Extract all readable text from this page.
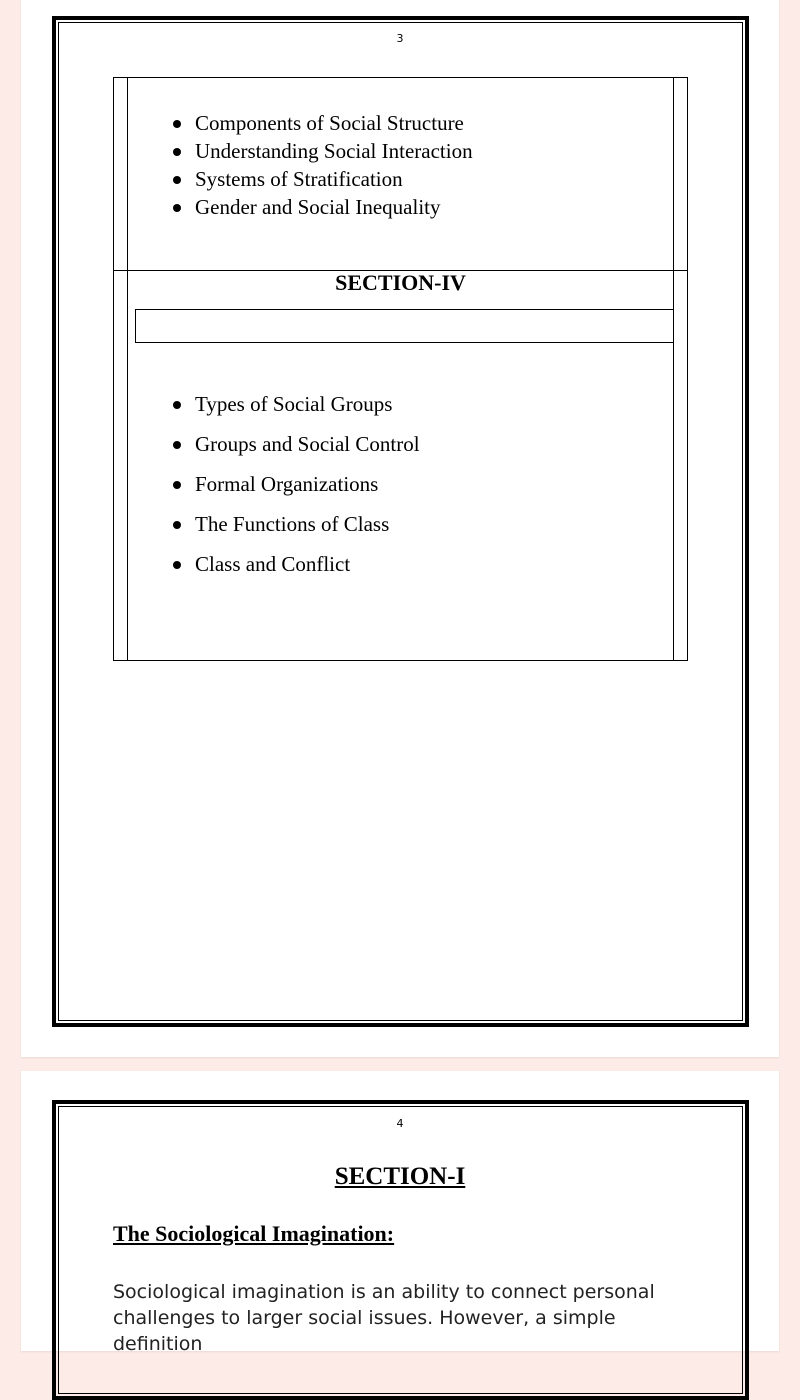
3
Components of Social Structure
Understanding Social Interaction
Systems of Stratification
Gender and Social Inequality
SECTION-IV
Types of Social Groups
Groups and Social Control
Formal Organizations
The Functions of Class
Class and Conflict
4
SECTION-I
The Sociological Imagination:

Sociological imagination is an ability to connect personal challenges to larger social issues. However, a simple definition
